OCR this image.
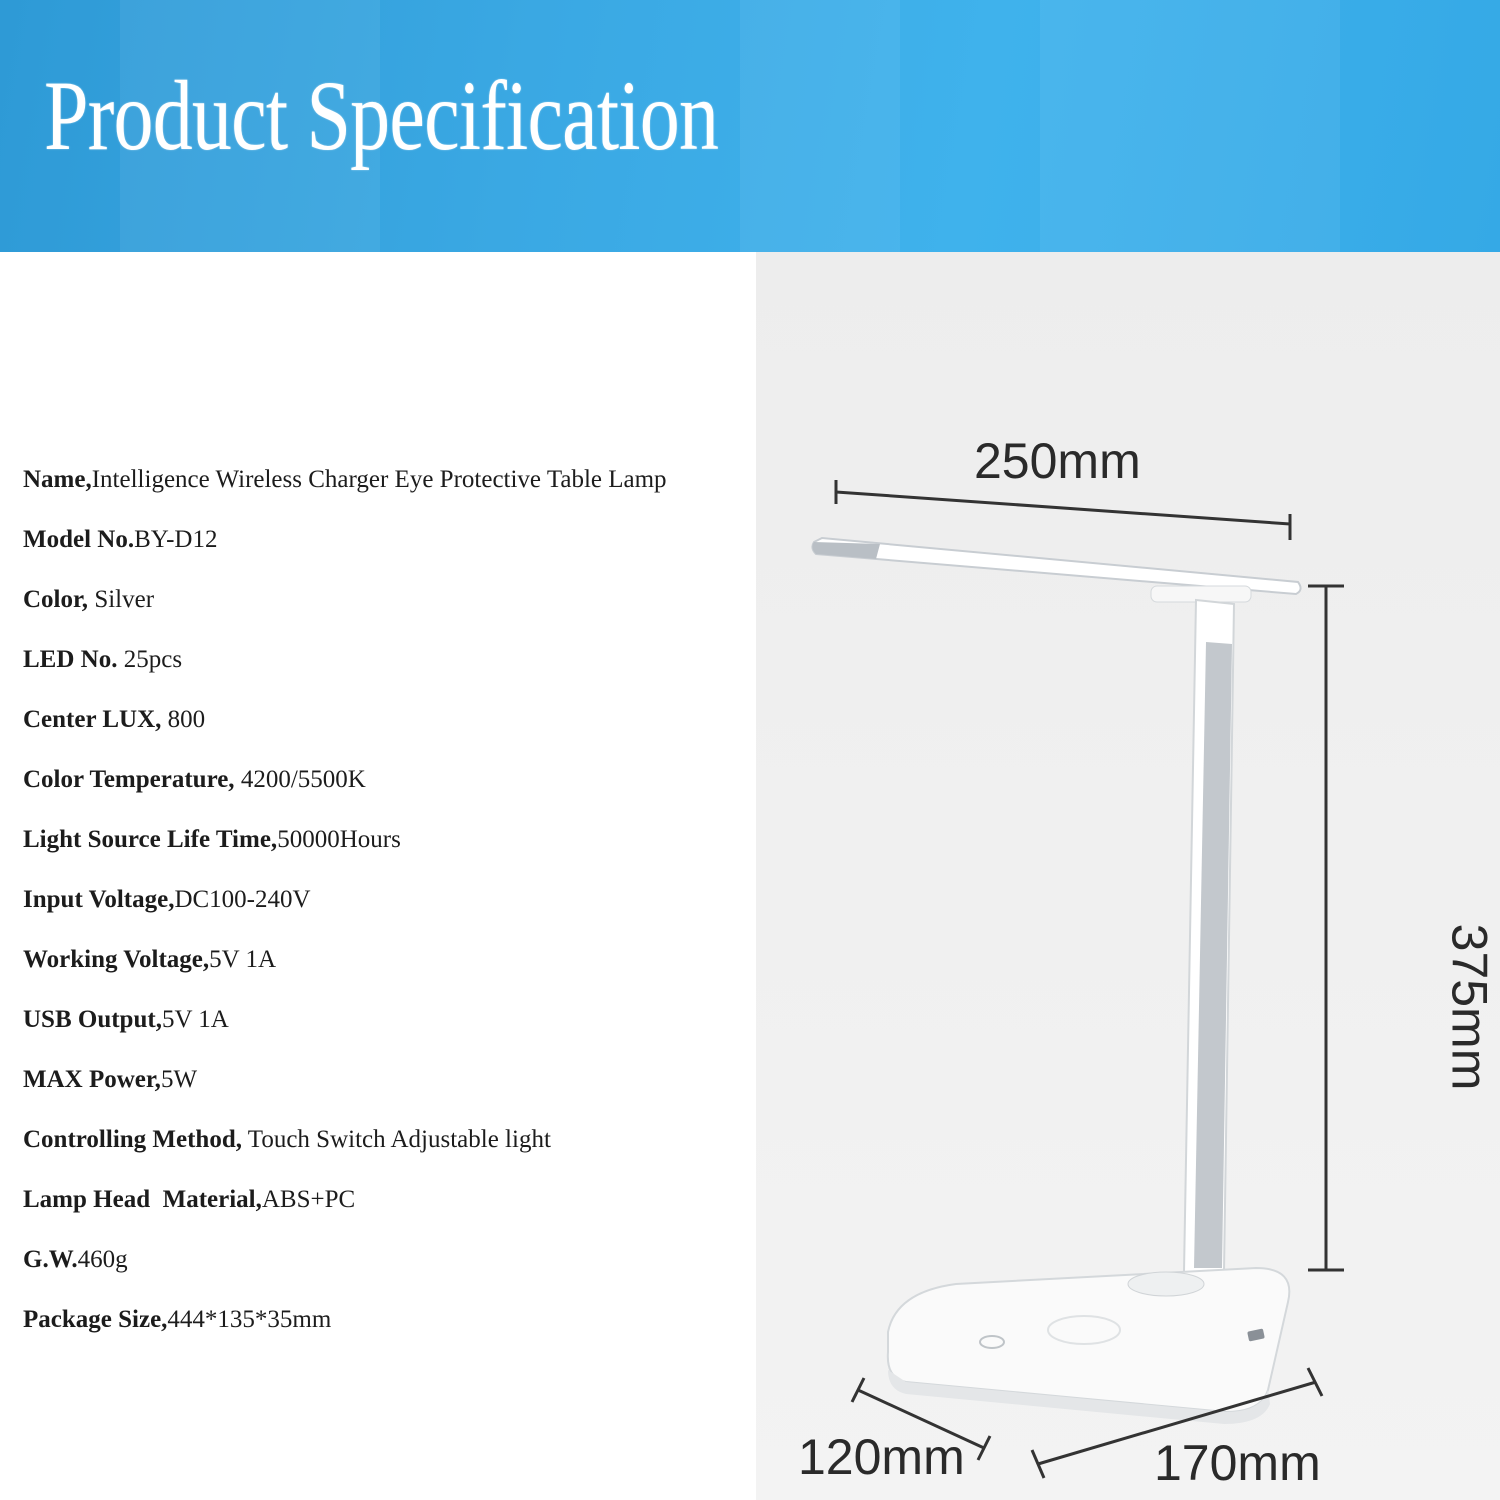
Product Specification
Name,Intelligence Wireless Charger Eye Protective Table Lamp
Model No.BY-D12
Color, Silver
LED No. 25pcs
Center LUX, 800
Color Temperature, 4200/5500K
Light Source Life Time,50000Hours
Input Voltage,DC100-240V
Working Voltage,5V 1A
USB Output,5V 1A
MAX Power,5W
Controlling Method, Touch Switch Adjustable light
Lamp Head  Material,ABS+PC
G.W.460g
Package Size,444*135*35mm
250mm
375mm
120mm	170mm
